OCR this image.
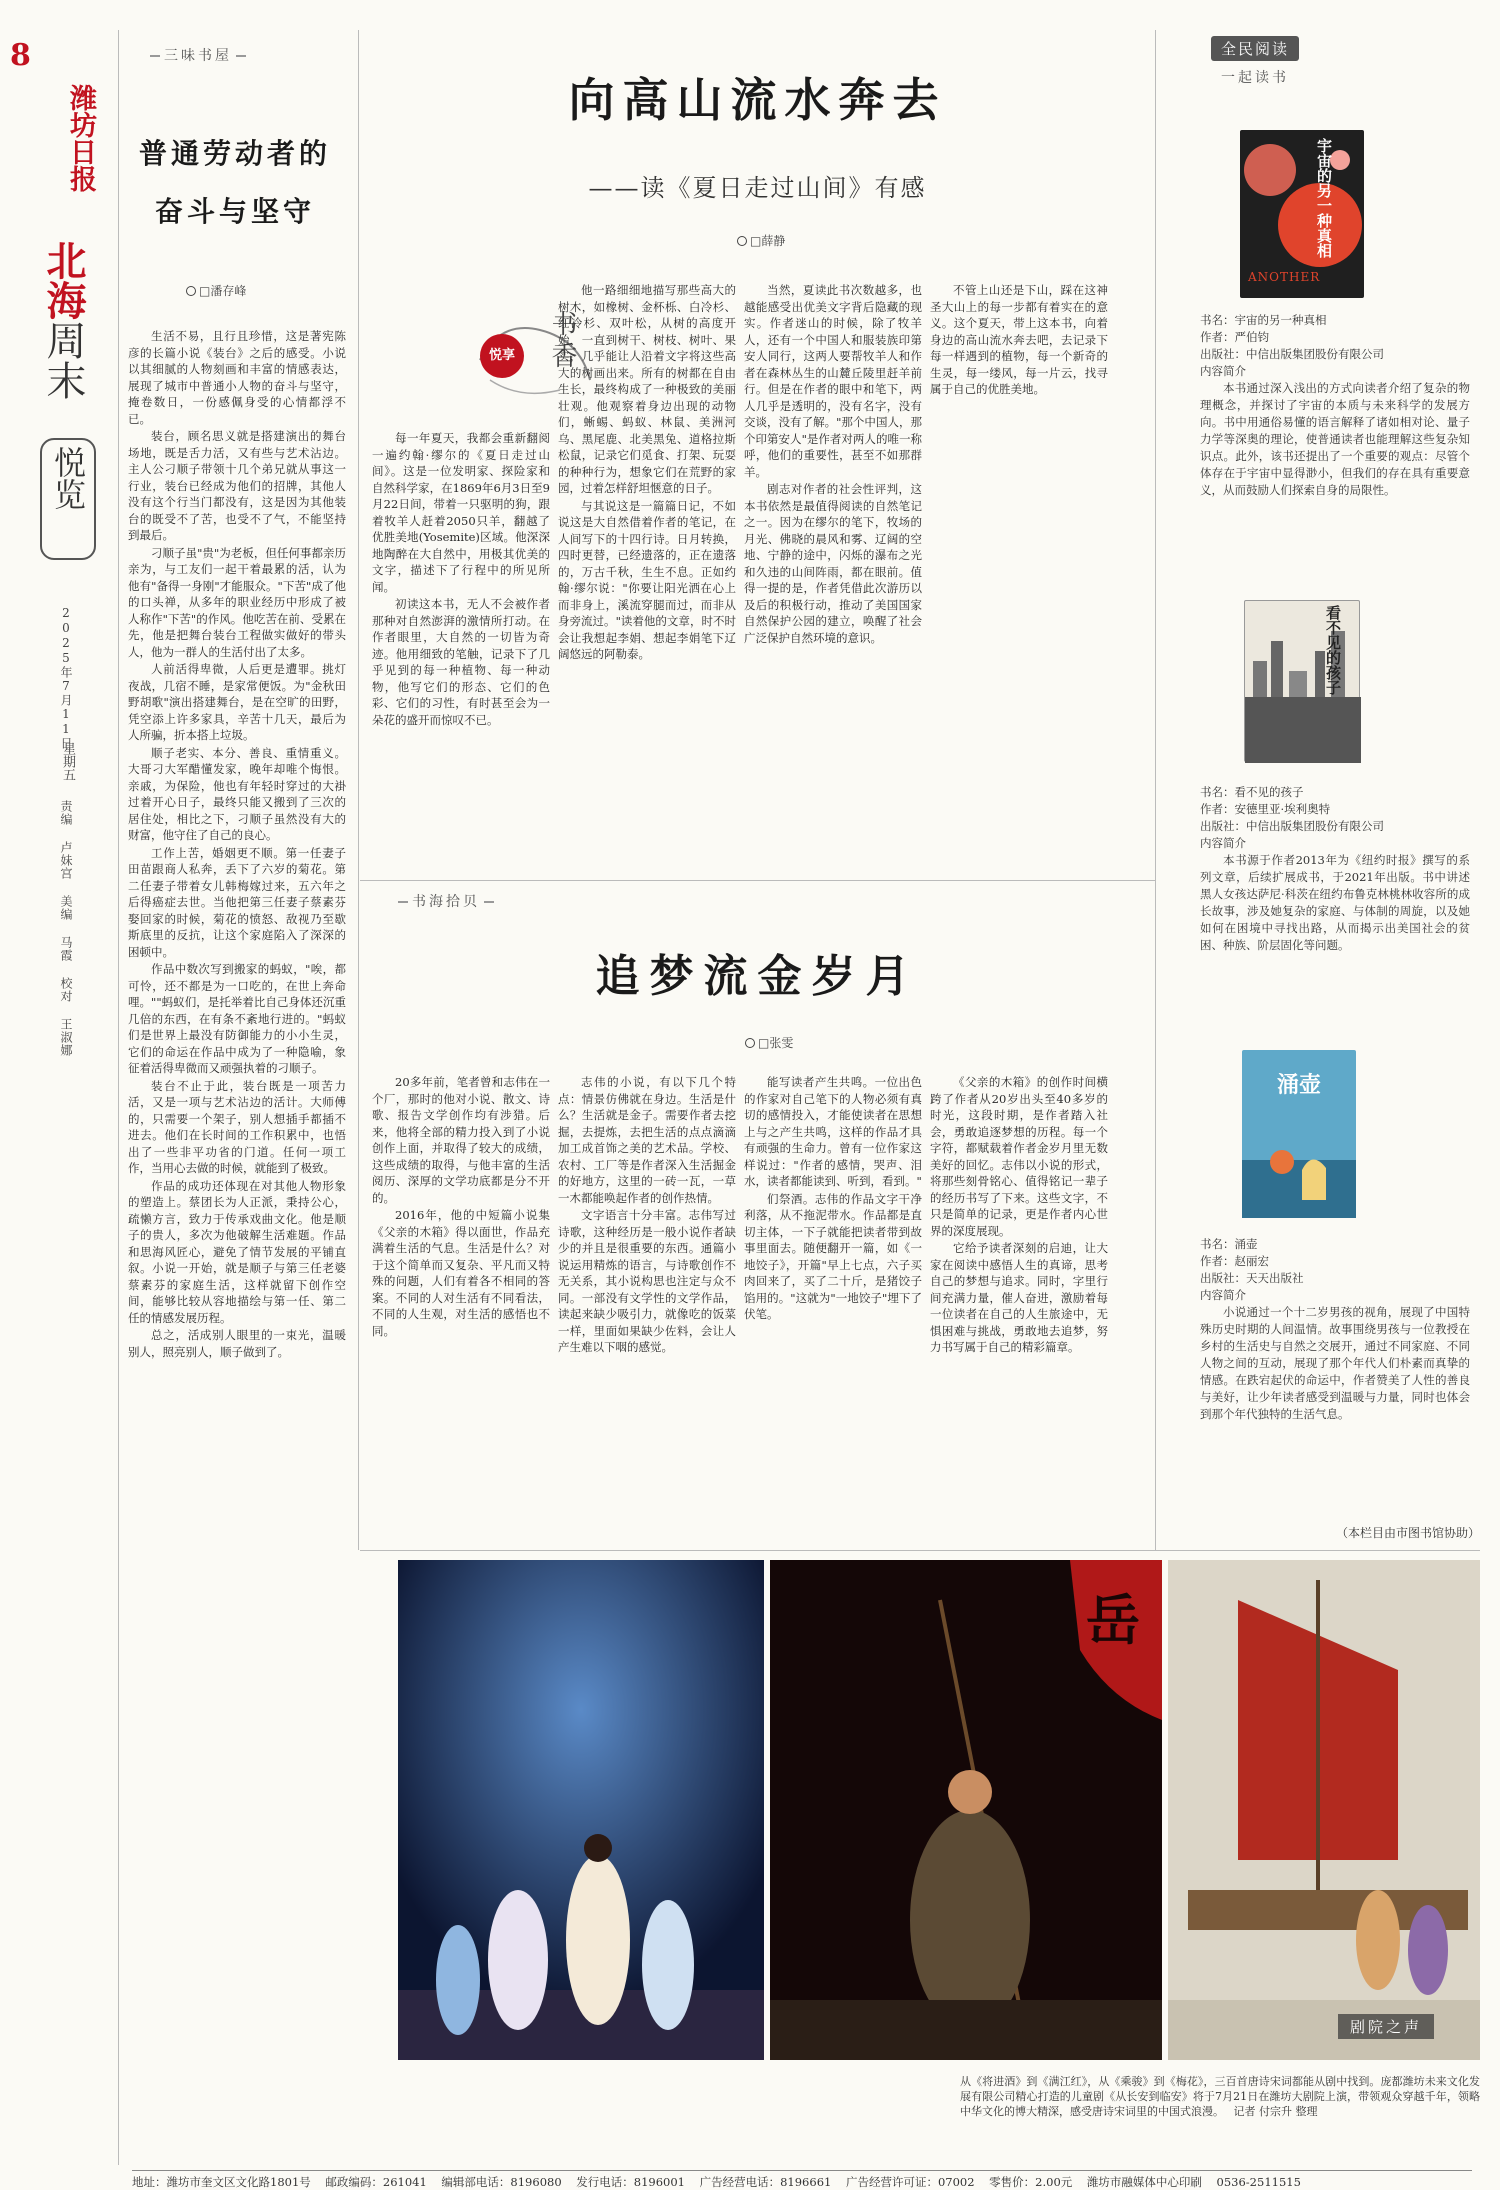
8
潍坊日报
北海
周末
悦览
2025年7月11日
星期五
责编 卢妹宫 美编 马霞 校对 王淑娜
三味书屋
普通劳动者的
奋斗与坚守
□潘存峰

生活不易，且行且珍惜，这是著宪陈彦的长篇小说《装台》之后的感受。小说以其细腻的人物刻画和丰富的情感表达，展现了城市中普通小人物的奋斗与坚守，掩卷数日，一份感佩身受的心情都浮不已。

装台，顾名思义就是搭建演出的舞台场地，既是舌力活，又有些与艺术沾边。主人公刁顺子带领十几个弟兄就从事这一行业，装台已经成为他们的招牌，其他人没有这个行当门都没有，这是因为其他装台的既受不了苦，也受不了气，不能坚持到最后。

刁顺子虽"贵"为老板，但任何事都亲历亲为，与工友们一起干着最累的活，认为他有"备得一身刚"才能服众。"下苦"成了他的口头禅，从多年的职业经历中形成了被人称作"下苦"的作风。他吃苦在前、受累在先，他是把舞台装台工程做实做好的带头人，他为一群人的生活付出了太多。

人前活得卑微，人后更是遭罪。挑灯夜战，几宿不睡，是家常便饭。为"金秋田野胡歌"演出搭建舞台，是在空旷的田野，凭空添上许多家具，辛苦十几天，最后为人所骗，折本搭上垃圾。

顺子老实、本分、善良、重情重义。大哥刁大军醋懂发家，晚年却唯个悔恨。亲戚，为保险，他也有年轻时穿过的大褂过着开心日子，最终只能又搬到了三次的居住处，相比之下，刁顺子虽然没有大的财富，他守住了自己的良心。

工作上苦，婚姻更不顺。第一任妻子田苗跟商人私奔，丢下了六岁的菊花。第二任妻子带着女儿韩梅嫁过来，五六年之后得癌症去世。当他把第三任妻子蔡素芬娶回家的时候，菊花的愤怒、敌视乃至歇斯底里的反抗，让这个家庭陷入了深深的困顿中。

作品中数次写到搬家的蚂蚁，"唉，都可怜，还不都是为一口吃的，在世上奔命哩。""蚂蚁们，是托举着比自己身体还沉重几倍的东西，在有条不紊地行进的。"蚂蚁们是世界上最没有防御能力的小小生灵，它们的命运在作品中成为了一种隐喻，象征着活得卑微而又顽强执着的刁顺子。

装台不止于此，装台既是一项苦力活，又是一项与艺术沾边的活计。大师傅的，只需要一个架子，别人想插手都插不进去。他们在长时间的工作积累中，也悟出了一些非平功省的门道。任何一项工作，当用心去做的时候，就能到了极致。

作品的成功还体现在对其他人物形象的塑造上。蔡团长为人正派，秉持公心，疏懒方言，致力于传承戏曲文化。他是顺子的贵人，多次为他破解生活难题。作品和思海风匠心，避免了情节发展的平铺直叙。小说一开始，就是顺子与第三任老婆蔡素芬的家庭生活，这样就留下创作空间，能够比较从容地描绘与第一任、第二任的情感发展历程。

总之，活成别人眼里的一束光，温暖别人，照亮别人，顺子做到了。

向高山流水奔去
——读《夏日走过山间》有感
□薛静
悦享 书香

每一年夏天，我都会重新翻阅一遍约翰·缪尔的《夏日走过山间》。这是一位发明家、探险家和自然科学家，在1869年6月3日至9月22日间，带着一只驱明的狗，跟着牧羊人赶着2050只羊，翻越了优胜美地(Yosemite)区域。他深深地陶醉在大自然中，用极其优美的文字，描述下了行程中的所见所闻。

初读这本书，无人不会被作者那种对自然澎湃的激情所打动。在作者眼里，大自然的一切皆为奇迹。他用细致的笔触，记录下了几乎见到的每一种植物、每一种动物，他写它们的形态、它们的色彩、它们的习性，有时甚至会为一朵花的盛开而惊叹不已。

他一路细细地描写那些高大的树木，如橡树、金杯栎、白冷杉、红冷杉、双叶松，从树的高度开始，一直到树干、树枝、树叶、果实，几乎能让人沿着文字将这些高大的树画出来。所有的树都在自由生长，最终构成了一种极致的美丽壮观。他观察着身边出现的动物们，蜥蜴、蚂蚁、林鼠、美洲河乌、黑尾鹿、北美黑兔、道格拉斯松鼠，记录它们觅食、打架、玩耍的种种行为，想象它们在荒野的家园，过着怎样舒坦惬意的日子。

与其说这是一篇篇日记，不如说这是大自然借着作者的笔记，在人间写下的十四行诗。日月转换，四时更替，已经遗落的，正在遗落的，万古千秋，生生不息。正如约翰·缪尔说："你要让阳光洒在心上而非身上，溪流穿腿而过，而非从身旁流过。"读着他的文章，时不时会让我想起李娟、想起李娟笔下辽阔悠远的阿勒泰。

当然，夏读此书次数越多，也越能感受出优美文字背后隐藏的现实。作者迷山的时候，除了牧羊人，还有一个中国人和服装族印第安人同行，这两人要帮牧羊人和作者在森林丛生的山麓丘陵里赶羊前行。但是在作者的眼中和笔下，两人几乎是透明的，没有名字，没有交谈，没有了解。"那个中国人，那个印第安人"是作者对两人的唯一称呼，他们的重要性，甚至不如那群羊。

剧志对作者的社会性评判，这本书依然是最值得阅读的自然笔记之一。因为在缪尔的笔下，牧场的月光、佛晓的晨风和雾、辽阔的空地、宁静的途中，闪烁的瀑布之光和久违的山间阵雨，都在眼前。值得一提的是，作者凭借此次游历以及后的积极行动，推动了美国国家自然保护公园的建立，唤醒了社会广泛保护自然环境的意识。

不管上山还是下山，踩在这神圣大山上的每一步都有着实在的意义。这个夏天，带上这本书，向着身边的高山流水奔去吧，去记录下每一样遇到的植物，每一个新奇的生灵，每一缕风，每一片云，找寻属于自己的优胜美地。

书海拾贝
追梦流金岁月
□张雯

20多年前，笔者曾和志伟在一个厂，那时的他对小说、散文、诗歌、报告文学创作均有涉猎。后来，他将全部的精力投入到了小说创作上面，并取得了较大的成绩，这些成绩的取得，与他丰富的生活阅历、深厚的文学功底都是分不开的。

2016年，他的中短篇小说集《父亲的木箱》得以面世，作品充满着生活的气息。生活是什么？对于这个简单而又复杂、平凡而又特殊的问题，人们有着各不相同的答案。不同的人对生活有不同看法，不同的人生观，对生活的感悟也不同。

志伟的小说，有以下几个特点：情景仿佛就在身边。生活是什么？生活就是金子。需要作者去挖掘，去提炼，去把生活的点点滴滴加工成首饰之美的艺术品。学校、农村、工厂等是作者深入生活掘金的好地方，这里的一砖一瓦，一草一木都能唤起作者的创作热情。

文字语言十分丰富。志伟写过诗歌，这种经历是一般小说作者缺少的并且是很重要的东西。通篇小说运用精炼的语言，与诗歌创作不无关系，其小说构思也注定与众不同。一部没有文学性的文学作品，读起来缺少吸引力，就像吃的饭菜一样，里面如果缺少佐料，会让人产生难以下咽的感觉。

能写读者产生共鸣。一位出色的作家对自己笔下的人物必须有真切的感情投入，才能使读者在思想上与之产生共鸣，这样的作品才具有顽强的生命力。曾有一位作家这样说过："作者的感情，哭声、泪水，读者都能读到、听到，看到。"

们祭酒。志伟的作品文字干净利落，从不拖泥带水。作品都是直切主体，一下子就能把读者带到故事里面去。随便翻开一篇，如《一地饺子》，开篇"早上七点，六子买肉回来了，买了二十斤，是猪饺子馅用的。"这就为"一地饺子"埋下了伏笔。

《父亲的木箱》的创作时间横跨了作者从20岁出头至40多岁的时光，这段时期，是作者踏入社会，勇敢追逐梦想的历程。每一个字符，都赋载着作者金岁月里无数美好的回忆。志伟以小说的形式，将那些刻骨铭心、值得铭记一辈子的经历书写了下来。这些文字，不只是简单的记录，更是作者内心世界的深度展现。

它给予读者深刻的启迪，让大家在阅读中感悟人生的真谛，思考自己的梦想与追求。同时，字里行间充满力量，催人奋进，激励着每一位读者在自己的人生旅途中，无惧困难与挑战，勇敢地去追梦，努力书写属于自己的精彩篇章。

全民阅读
一起读书
宇宙的另一种真相
ANOTHER
书名：宇宙的另一种真相
作者：严伯钧
出版社：中信出版集团股份有限公司
内容简介
本书通过深入浅出的方式向读者介绍了复杂的物理概念，并探讨了宇宙的本质与未来科学的发展方向。书中用通俗易懂的语言解释了诸如相对论、量子力学等深奥的理论，使普通读者也能理解这些复杂知识点。此外，该书还提出了一个重要的观点：尽管个体存在于宇宙中显得渺小，但我们的存在具有重要意义，从而鼓励人们探索自身的局限性。
看不见的孩子
书名：看不见的孩子
作者：安德里亚·埃利奥特
出版社：中信出版集团股份有限公司
内容简介
本书源于作者2013年为《纽约时报》撰写的系列文章，后续扩展成书，于2021年出版。书中讲述黑人女孩达萨尼·科茨在纽约布鲁克林桃林收容所的成长故事，涉及她复杂的家庭、与体制的周旋，以及她如何在困境中寻找出路，从而揭示出美国社会的贫困、种族、阶层固化等问题。
涌壶
书名：涌壶
作者：赵丽宏
出版社：天天出版社
内容简介
小说通过一个十二岁男孩的视角，展现了中国特殊历史时期的人间温情。故事围绕男孩与一位教授在乡村的生活史与自然之交展开，通过不同家庭、不同人物之间的互动，展现了那个年代人们朴素而真挚的情感。在跌宕起伏的命运中，作者赞美了人性的善良与美好，让少年读者感受到温暖与力量，同时也体会到那个年代独特的生活气息。
（本栏目由市图书馆协助）
岳
剧院之声
从《将进酒》到《满江红》，从《乘骏》到《梅花》，三百首唐诗宋词都能从剧中找到。庞都潍坊未来文化发展有限公司精心打造的儿童剧《从长安到临安》将于7月21日在潍坊大剧院上演，带领观众穿越千年，领略中华文化的博大精深，感受唐诗宋词里的中国式浪漫。 记者 付宗升 整理
地址：潍坊市奎文区文化路1801号 邮政编码：261041 编辑部电话：8196080 发行电话：8196001 广告经营电话：8196661 广告经营许可证：07002 零售价：2.00元 潍坊市融媒体中心印刷 0536-2511515
